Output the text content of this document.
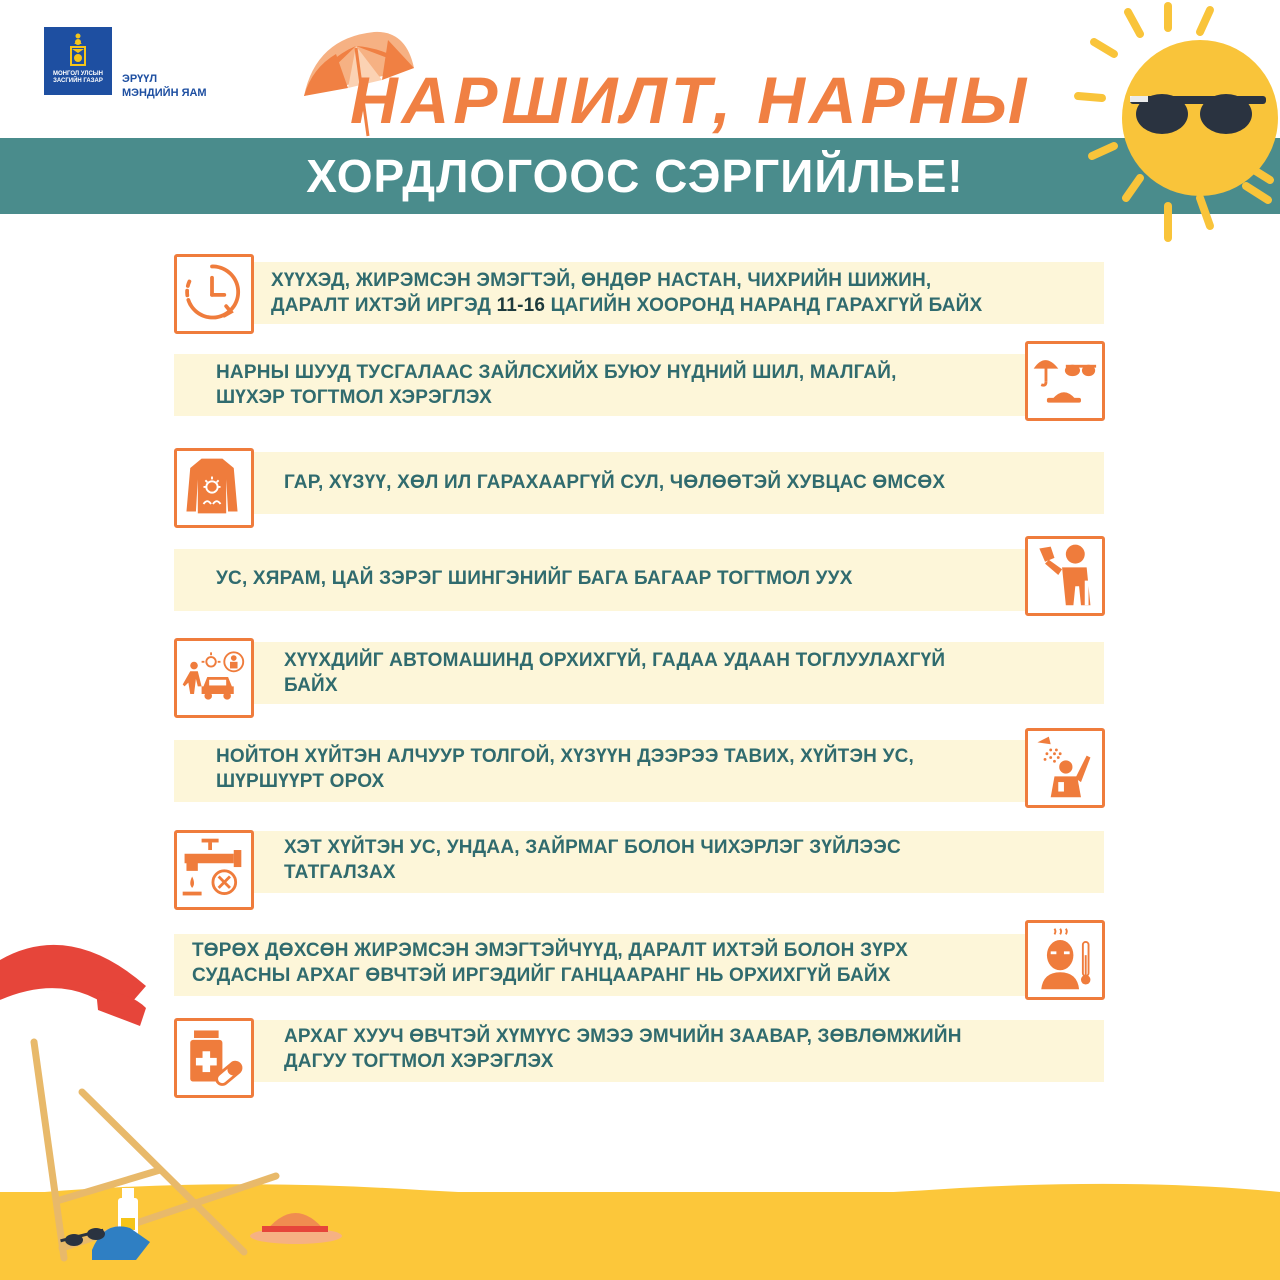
МОНГОЛ УЛСЫН ЗАСГИЙН ГАЗАР	ЭРҮҮЛ
МЭНДИЙН ЯАМ НАРШИЛТ, НАРНЫ
ХОРДЛОГООС СЭРГИЙЛЬЕ!
ХҮҮХЭД, ЖИРЭМСЭН ЭМЭГТЭЙ, ӨНДӨР НАСТАН, ЧИХРИЙН ШИЖИН,
ДАРАЛТ ИХТЭЙ ИРГЭД 11-16 ЦАГИЙН ХООРОНД НАРАНД ГАРАХГҮЙ БАЙХ
НАРНЫ ШУУД ТУСГАЛААС ЗАЙЛСХИЙХ БУЮУ НҮДНИЙ ШИЛ, МАЛГАЙ,
ШҮХЭР ТОГТМОЛ ХЭРЭГЛЭХ
ГАР, ХҮЗҮҮ, ХӨЛ ИЛ ГАРАХААРГҮЙ СУЛ, ЧӨЛӨӨТЭЙ ХУВЦАС ӨМСӨХ
УС, ХЯРАМ, ЦАЙ ЗЭРЭГ ШИНГЭНИЙГ БАГА БАГААР ТОГТМОЛ УУХ
ХҮҮХДИЙГ АВТОМАШИНД ОРХИХГҮЙ, ГАДАА УДААН ТОГЛУУЛАХГҮЙ
БАЙХ
НОЙТОН ХҮЙТЭН АЛЧУУР ТОЛГОЙ, ХҮЗҮҮН ДЭЭРЭЭ ТАВИХ, ХҮЙТЭН УС,
ШҮРШҮҮРТ ОРОХ
ХЭТ ХҮЙТЭН УС, УНДАА, ЗАЙРМАГ БОЛОН ЧИХЭРЛЭГ ЗҮЙЛЭЭС
ТАТГАЛЗАХ
ТӨРӨХ ДӨХСӨН ЖИРЭМСЭН ЭМЭГТЭЙЧҮҮД, ДАРАЛТ ИХТЭЙ БОЛОН ЗҮРХ
СУДАСНЫ АРХАГ ӨВЧТЭЙ ИРГЭДИЙГ ГАНЦААРАНГ НЬ ОРХИХГҮЙ БАЙХ
АРХАГ ХУУЧ ӨВЧТЭЙ ХҮМҮҮС ЭМЭЭ ЭМЧИЙН ЗААВАР, ЗӨВЛӨМЖИЙН
ДАГУУ ТОГТМОЛ ХЭРЭГЛЭХ
